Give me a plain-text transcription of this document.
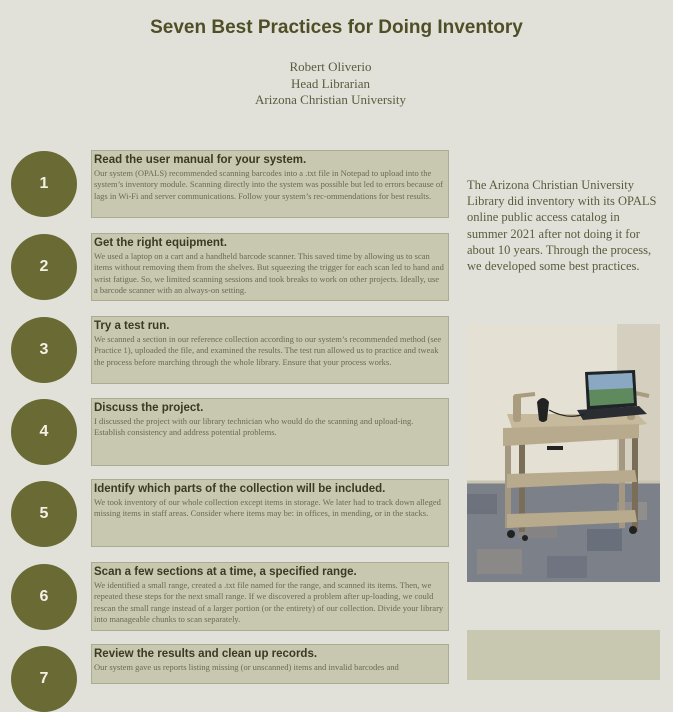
Seven Best Practices for Doing Inventory
Robert Oliverio
Head Librarian
Arizona Christian University
1
Read the user manual for your system.

Our system (OPALS) recommended scanning barcodes into a .txt file in Notepad to upload into the system’s inventory module. Scanning directly into the system was possible but led to errors because of lags in Wi-Fi and server communications. Follow your system’s rec-ommendations for best results.

2
Get the right equipment.

We used a laptop on a cart and a handheld barcode scanner. This saved time by allowing us to scan items without removing them from the shelves. But squeezing the trigger for each scan led to hand and wrist fatigue. So, we limited scanning sessions and took breaks to work on other projects. Ideally, use a barcode scanner with an always-on setting.

3
Try a test run.

We scanned a section in our reference collection according to our system’s recommended method (see Practice 1), uploaded the file, and examined the results. The test run allowed us to practice and tweak the process before marching through the whole library. Ensure that your process works.

4
Discuss the project.

I discussed the project with our library technician who would do the scanning and upload-ing. Establish consistency and address potential problems.

5
Identify which parts of the collection will be included.

We took inventory of our whole collection except items in storage. We later had to track down alleged missing items in staff areas. Consider where items may be: in offices, in mending, or in the stacks.

6
Scan a few sections at a time, a specified range.

We identified a small range, created a .txt file named for the range, and scanned its items. Then, we repeated these steps for the next small range. If we discovered a problem after up-loading, we could rescan the small range instead of a larger portion (or the entirety) of our collection. Divide your library into manageable chunks to scan separately.

7
Review the results and clean up records.

Our system gave us reports listing missing (or unscanned) items and invalid barcodes and

The Arizona Christian University Library did inventory with its OPALS online public access catalog in summer 2021 after not doing it for about 10 years. Through the process, we developed some best practices.
